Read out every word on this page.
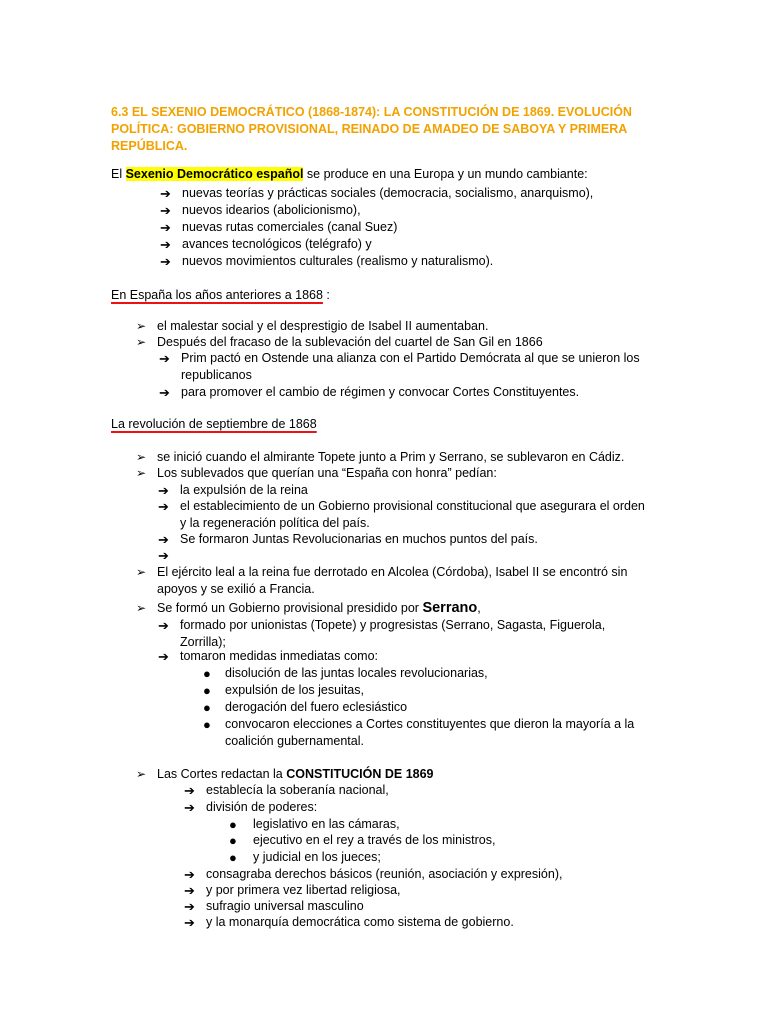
6.3 EL SEXENIO DEMOCRÁTICO (1868-1874): LA CONSTITUCIÓN DE 1869. EVOLUCIÓN POLÍTICA: GOBIERNO PROVISIONAL, REINADO DE AMADEO DE SABOYA Y PRIMERA REPÚBLICA.
El Sexenio Democrático español se produce en una Europa y un mundo cambiante:
➔ nuevas teorías y prácticas sociales (democracia, socialismo, anarquismo),
➔ nuevos idearios (abolicionismo),
➔ nuevas rutas comerciales (canal Suez)
➔ avances tecnológicos (telégrafo) y
➔ nuevos movimientos culturales (realismo y naturalismo).
En España los años anteriores a 1868 :
➢ el malestar social y el desprestigio de Isabel II aumentaban.
➢ Después del fracaso de la sublevación del cuartel de San Gil en 1866
➔ Prim pactó en Ostende una alianza con el Partido Demócrata al que se unieron los republicanos
➔ para promover el cambio de régimen y convocar Cortes Constituyentes.
La revolución de septiembre de 1868
➢ se inició cuando el almirante Topete junto a Prim y Serrano, se sublevaron en Cádiz.
➢ Los sublevados que querían una “España con honra” pedían:
➔ la expulsión de la reina
➔ el establecimiento de un Gobierno provisional constitucional que asegurara el orden y la regeneración política del país.
➔ Se formaron Juntas Revolucionarias en muchos puntos del país.
➔
➢ El ejército leal a la reina fue derrotado en Alcolea (Córdoba), Isabel II se encontró sin apoyos y se exilió a Francia.
➢ Se formó un Gobierno provisional presidido por Serrano,
➔ formado por unionistas (Topete) y progresistas (Serrano, Sagasta, Figuerola, Zorrilla);
➔ tomaron medidas inmediatas como:
● disolución de las juntas locales revolucionarias,
● expulsión de los jesuitas,
● derogación del fuero eclesiástico
● convocaron elecciones a Cortes constituyentes que dieron la mayoría a la coalición gubernamental.
➢ Las Cortes redactan la CONSTITUCIÓN DE 1869
➔ establecía la soberanía nacional,
➔ división de poderes:
● legislativo en las cámaras,
● ejecutivo en el rey a través de los ministros,
● y judicial en los jueces;
➔ consagraba derechos básicos (reunión, asociación y expresión),
➔ y por primera vez libertad religiosa,
➔ sufragio universal masculino
➔ y la monarquía democrática como sistema de gobierno.
